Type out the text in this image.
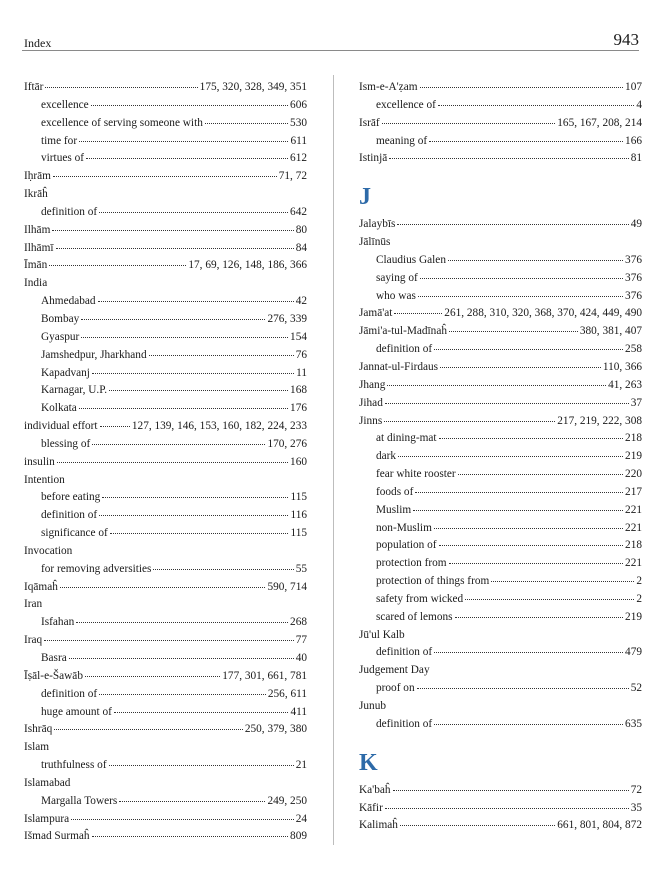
Index	943
Iftār	175, 320, 328, 349, 351
excellence	606
excellence of serving someone with	530
time for	611
virtues of	612
Iḥrām	71, 72
Ikrāĥ
definition of	642
Ilhām	80
Ilhāmī	84
Īmān	17, 69, 126, 148, 186, 366
India
Ahmedabad	42
Bombay	276, 339
Gyaspur	154
Jamshedpur, Jharkhand	76
Kapadvanj	11
Karnagar, U.P.	168
Kolkata	176
individual effort	127, 139, 146, 153, 160, 182, 224, 233
blessing of	170, 276
insulin	160
Intention
before eating	115
definition of	116
significance of	115
Invocation
for removing adversities	55
Iqāmaĥ	590, 714
Iran
Isfahan	268
Iraq	77
Basra	40
Īṣāl-e-Šawāb	177, 301, 661, 781
definition of	256, 611
huge amount of	411
Ishrāq	250, 379, 380
Islam
truthfulness of	21
Islamabad
Margalla Towers	249, 250
Islampura	24
Išmad Surmaĥ	809
Ism-e-A'ẓam	107
excellence of	4
Isrāf	165, 167, 208, 214
meaning of	166
Istinjā	81
J
Jalaybīs	49
Jālīnūs
Claudius Galen	376
saying of	376
who was	376
Jamā'at	261, 288, 310, 320, 368, 370, 424, 449, 490
Jāmi'a-tul-Madīnaĥ	380, 381, 407
definition of	258
Jannat-ul-Firdaus	110, 366
Jhang	41, 263
Jihad	37
Jinns	217, 219, 222, 308
at dining-mat	218
dark	219
fear white rooster	220
foods of	217
Muslim	221
non-Muslim	221
population of	218
protection from	221
protection of things from	2
safety from wicked	2
scared of lemons	219
Jū'ul Kalb
definition of	479
Judgement Day
proof on	52
Junub
definition of	635
K
Ka'baĥ	72
Kāfir	35
Kalimaĥ	661, 801, 804, 872
